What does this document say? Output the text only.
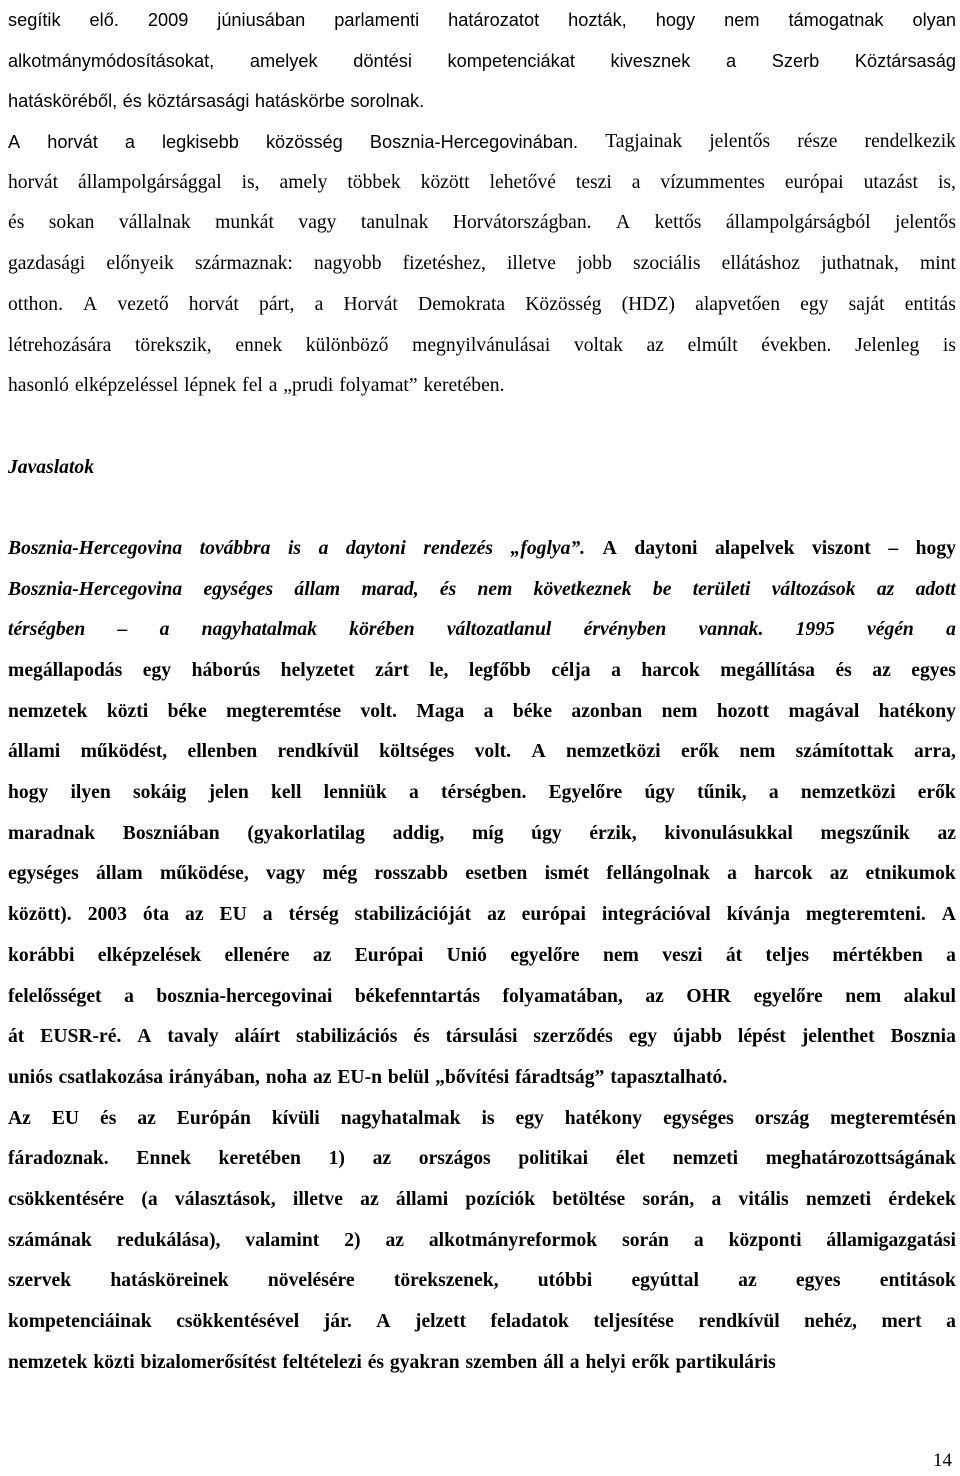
segítik elő. 2009 júniusában parlamenti határozatot hozták, hogy nem támogatnak olyan
alkotmánymódosításokat, amelyek döntési kompetenciákat kivesznek a Szerb Köztársaság
hatásköréből, és köztársasági hatáskörbe sorolnak.
A horvát a legkisebb közösség Bosznia-Hercegovinában. Tagjainak jelentős része rendelkezik
horvát állampolgársággal is, amely többek között lehetővé teszi a vízummentes európai utazást is,
és sokan vállalnak munkát vagy tanulnak Horvátországban. A kettős állampolgárságból jelentős
gazdasági előnyeik származnak: nagyobb fizetéshez, illetve jobb szociális ellátáshoz juthatnak, mint
otthon. A vezető horvát párt, a Horvát Demokrata Közösség (HDZ) alapvetően egy saját entitás
létrehozására törekszik, ennek különböző megnyilvánulásai voltak az elmúlt években. Jelenleg is
hasonló elképzeléssel lépnek fel a „prudi folyamat” keretében.
Javaslatok
Bosznia-Hercegovina továbbra is a daytoni rendezés „foglya”. A daytoni alapelvek viszont – hogy
Bosznia-Hercegovina egységes állam marad, és nem következnek be területi változások az adott
térségben – a nagyhatalmak körében változatlanul érvényben vannak. 1995 végén a
megállapodás egy háborús helyzetet zárt le, legfőbb célja a harcok megállítása és az egyes
nemzetek közti béke megteremtése volt. Maga a béke azonban nem hozott magával hatékony
állami működést, ellenben rendkívül költséges volt. A nemzetközi erők nem számítottak arra,
hogy ilyen sokáig jelen kell lenniük a térségben. Egyelőre úgy tűnik, a nemzetközi erők
maradnak Boszniában (gyakorlatilag addig, míg úgy érzik, kivonulásukkal megszűnik az
egységes állam működése, vagy még rosszabb esetben ismét fellángolnak a harcok az etnikumok
között). 2003 óta az EU a térség stabilizációját az európai integrációval kívánja megteremteni. A
korábbi elképzelések ellenére az Európai Unió egyelőre nem veszi át teljes mértékben a
felelősséget a bosznia-hercegovinai békefenntartás folyamatában, az OHR egyelőre nem alakul
át EUSR-ré. A tavaly aláírt stabilizációs és társulási szerződés egy újabb lépést jelenthet Bosznia
uniós csatlakozása irányában, noha az EU-n belül „bővítési fáradtság” tapasztalható.
Az EU és az Európán kívüli nagyhatalmak is egy hatékony egységes ország megteremtésén
fáradoznak. Ennek keretében 1) az országos politikai élet nemzeti meghatározottságának
csökkentésére (a választások, illetve az állami pozíciók betöltése során, a vitális nemzeti érdekek
számának redukálása), valamint 2) az alkotmányreformok során a központi államigazgatási
szervek hatásköreinek növelésére törekszenek, utóbbi egyúttal az egyes entitások
kompetenciáinak csökkentésével jár. A jelzett feladatok teljesítése rendkívül nehéz, mert a
nemzetek közti bizalomerősítést feltételezi és gyakran szemben áll a helyi erők partikuláris
14
